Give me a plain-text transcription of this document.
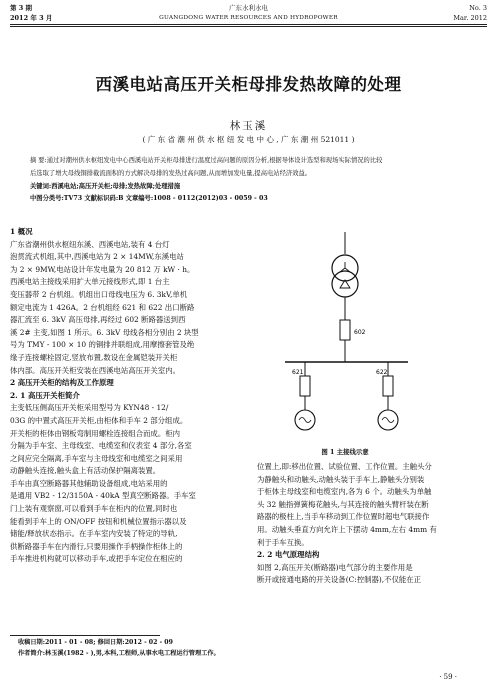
第 3 期
2012 年 3 月
广东水利水电
GUANGDONG WATER RESOURCES AND HYDROPOWER
No. 3
Mar. 2012
西溪电站高压开关柜母排发热故障的处理
林玉溪
( 广 东 省 潮 州 供 水 枢 纽 发 电 中 心 , 广 东 潮 州 521011 )
摘 要:通过对潮州供水枢纽发电中心西溪电站开关柜母排进行温度过高问题的原因分析,根据导体设计选型和现场实际情况的比较
后选取了增大母线铜排截流面积的方式解决母排的发热过高问题,从而增加发电量,提高电站经济效益。
关键词:西溪电站;高压开关柜;母排;发热故障;处理措施
中图分类号:TV73 文献标识码:B 文章编号:1008 - 0112(2012)03 - 0059 - 03

1 概况

广东省潮州供水枢纽东溪、西溪电站,装有 4 台灯

泡贯流式机组,其中,西溪电站为 2 × 14MW,东溪电站

为 2 × 9MW,电站设计年发电量为 20 812 万 kW · h。

西溪电站主接线采用扩大单元接线形式,即 1 台主

变压器带 2 台机组。机组出口母线电压为 6. 3kV,单机

额定电流为 1 426A。2 台机组经 621 和 622 出口断路

器汇流至 6. 3kV 高压母排,再经过 602 断路器送到西

溪 2# 主变,如图 1 所示。6. 3kV 母线各相分别由 2 块型

号为 TMY - 100 × 10 的铜排并联组成,用摩擦套管及绝

缘子连接螺栓固定,竖放布置,数设在金属铠装开关柜

体内部。高压开关柜安装在西溪电站高压开关室内。

2 高压开关柜的结构及工作原理

2. 1 高压开关柜简介

主变低压侧高压开关柜采用型号为 KYN48 - 12/

03G 的中置式高压开关柜,由柜体和手车 2 部分组成。

开关柜的柜体由钢板弯制用螺栓连接组合而成。柜内

分隔为手车室、主母线室、电缆室和仪表室 4 部分,各室

之间应完全隔离,手车室与主母线室和电缆室之间采用

动静触头连接,触头盒上有活动保护隔离装置。

手车由真空断路器其他辅助设备组成,电站采用的

是通用 VB2 - 12/3150A - 40kA 型真空断路器。手车室

门上装有观察窗,可以看到手车在柜内的位置,同时也

能看到手车上的 ON/OFF 按钮和机械位置指示器以及

储能/释放状态指示。在手车室内安装了特定的导轨,

供断路器手车在内滑行,只要用操作手柄操作柜体上的

手车推进机构就可以移动手车,或把手车定位在相应的

602
621	622
图 1 主接线示意

位置上,即:移出位置、试验位置、工作位置。主触头分

为静触头和动触头,动触头装于手车上,静触头分别装

于柜体主母线室和电缆室内,各为 6 个。动触头为单触

头 32 触指弹簧梅花触头,与其连接的触头臂杆装在断

路器的极柱上,当手车移动到工作位置时超电气联接作

用。动触头垂直方向允许上下摆动 4mm,左右 4mm 有

利于手车互换。

2. 2 电气原理结构

如图 2,高压开关(断路器)电气部分的主要作用是

断开或接通电路的开关设备(C:控制器),不仅能在正

收稿日期:2011 - 01 - 08; 修回日期:2012 - 02 - 09
作者简介:林玉溪(1982 - ),男,本科,工程师,从事水电工程运行管理工作。
· 59 ·
